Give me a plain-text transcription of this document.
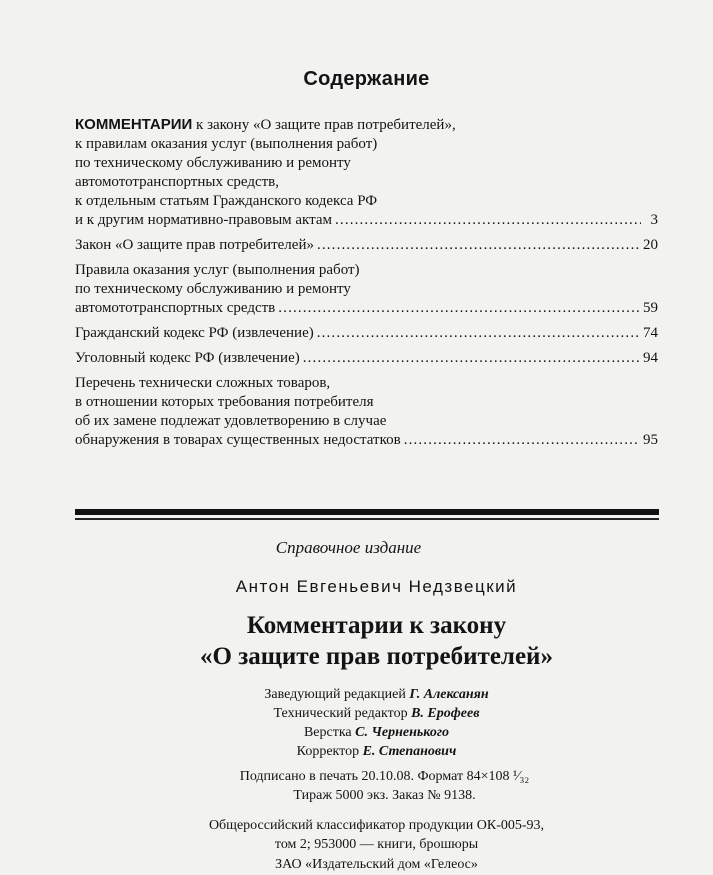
Содержание
КОММЕНТАРИИ к закону «О защите прав потребителей»,
к правилам оказания услуг (выполнения работ)
по техническому обслуживанию и ремонту
автомототранспортных средств,
к отдельным статьям Гражданского кодекса РФ
и к другим нормативно-правовым актам . . .	3
Закон «О защите прав потребителей» . . .	20
Правила оказания услуг (выполнения работ)
по техническому обслуживанию и ремонту
автомототранспортных средств . . .	59
Гражданский кодекс РФ (извлечение) . . .	74
Уголовный кодекс РФ (извлечение) . . .	94
Перечень технически сложных товаров,
в отношении которых требования потребителя
об их замене подлежат удовлетворению в случае
обнаружения в товарах существенных недостатков . . .	95
Справочное издание
Антон Евгеньевич Недзвецкий
Комментарии к закону
«О защите прав потребителей»
Заведующий редакцией Г. Алексанян
Технический редактор В. Ерофеев
Верстка С. Черненького
Корректор Е. Степанович
Подписано в печать 20.10.08. Формат 84×108 ¹⁄₃₂
Тираж 5000 экз. Заказ № 9138.
Общероссийский классификатор продукции ОК-005-93,
том 2; 953000 — книги, брошюры
ЗАО «Издательский дом «Гелеос»
